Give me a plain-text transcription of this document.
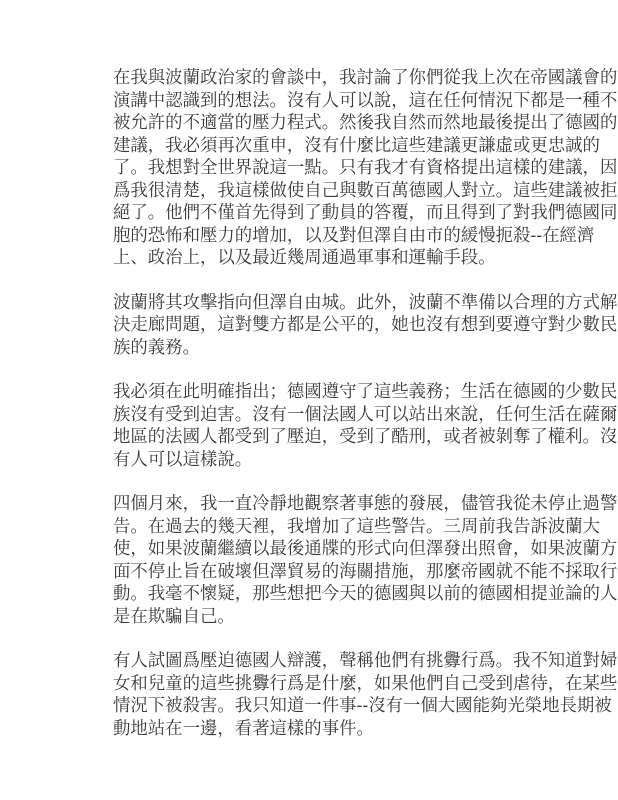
在我與波蘭政治家的會談中，我討論了你們從我上次在帝國議會的
演講中認識到的想法。沒有人可以說，這在任何情況下都是一種不
被允許的不適當的壓力程式。然後我自然而然地最後提出了德國的
建議，我必須再次重申，沒有什麼比這些建議更謙虛或更忠誠的
了。我想對全世界說這一點。只有我才有資格提出這樣的建議，因
爲我很清楚，我這樣做使自己與數百萬德國人對立。這些建議被拒
絕了。他們不僅首先得到了動員的答覆，而且得到了對我們德國同
胞的恐怖和壓力的增加，以及對但澤自由市的緩慢扼殺--在經濟
上、政治上，以及最近幾周通過軍事和運輸手段。
波蘭將其攻擊指向但澤自由城。此外，波蘭不準備以合理的方式解
決走廊問題，這對雙方都是公平的，她也沒有想到要遵守對少數民
族的義務。
我必須在此明確指出；德國遵守了這些義務；生活在德國的少數民
族沒有受到迫害。沒有一個法國人可以站出來說，任何生活在薩爾
地區的法國人都受到了壓迫，受到了酷刑，或者被剝奪了權利。沒
有人可以這樣說。
四個月來，我一直冷靜地觀察著事態的發展，儘管我從未停止過警
告。在過去的幾天裡，我增加了這些警告。三周前我告訴波蘭大
使，如果波蘭繼續以最後通牒的形式向但澤發出照會，如果波蘭方
面不停止旨在破壞但澤貿易的海關措施，那麼帝國就不能不採取行
動。我毫不懷疑，那些想把今天的德國與以前的德國相提並論的人
是在欺騙自己。
有人試圖爲壓迫德國人辯護，聲稱他們有挑釁行爲。我不知道對婦
女和兒童的這些挑釁行爲是什麼，如果他們自己受到虐待，在某些
情況下被殺害。我只知道一件事--沒有一個大國能夠光榮地長期被
動地站在一邊，看著這樣的事件。
